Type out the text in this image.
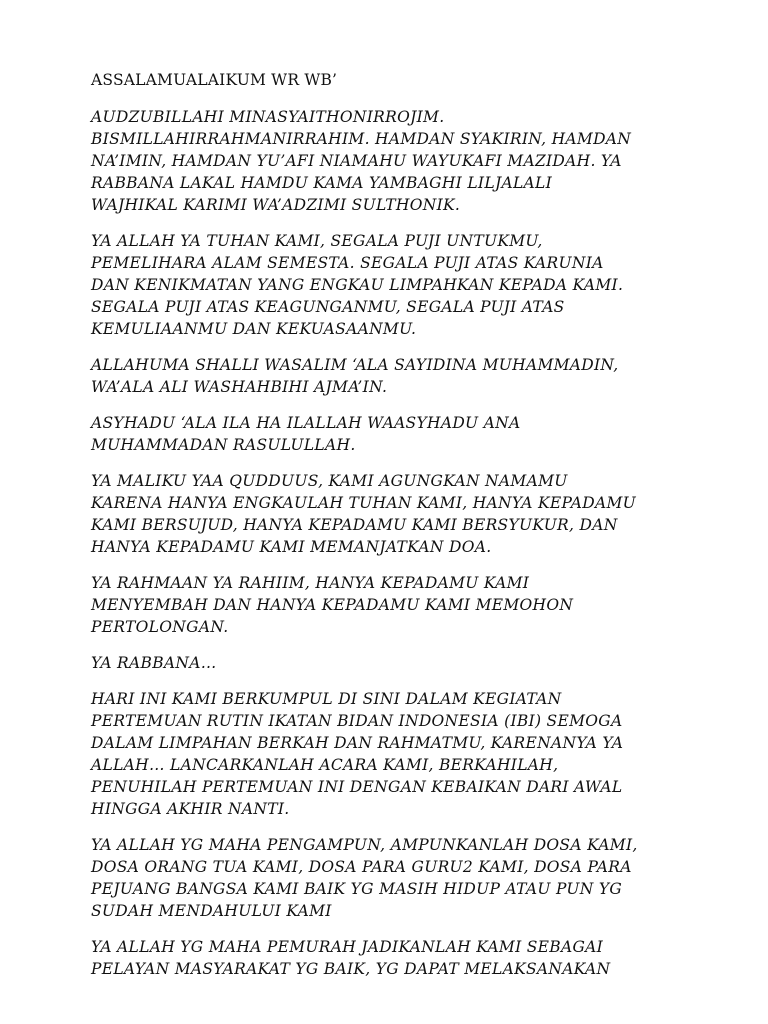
ASSALAMUALAIKUM WR WB’

AUDZUBILLAHI MINASYAITHONIRROJIM.
BISMILLAHIRRAHMANIRRAHIM. HAMDAN SYAKIRIN, HAMDAN
NA’IMIN, HAMDAN YU’AFI NIAMAHU WAYUKAFI MAZIDAH. YA
RABBANA LAKAL HAMDU KAMA YAMBAGHI LILJALALI
WAJHIKAL KARIMI WA’ADZIMI SULTHONIK.

YA ALLAH YA TUHAN KAMI, SEGALA PUJI UNTUKMU,
PEMELIHARA ALAM SEMESTA. SEGALA PUJI ATAS KARUNIA
DAN KENIKMATAN YANG ENGKAU LIMPAHKAN KEPADA KAMI.
SEGALA PUJI ATAS KEAGUNGANMU, SEGALA PUJI ATAS
KEMULIAANMU DAN KEKUASAANMU.

ALLAHUMA SHALLI WASALIM ‘ALA SAYIDINA MUHAMMADIN,
WA’ALA ALI WASHAHBIHI AJMA’IN.

ASYHADU ‘ALA ILA HA ILALLAH WAASYHADU ANA
MUHAMMADAN RASULULLAH.

YA MALIKU YAA QUDDUUS, KAMI AGUNGKAN NAMAMU
KARENA HANYA ENGKAULAH TUHAN KAMI, HANYA KEPADAMU
KAMI BERSUJUD, HANYA KEPADAMU KAMI BERSYUKUR, DAN
HANYA KEPADAMU KAMI MEMANJATKAN DOA.

YA RAHMAAN YA RAHIIM, HANYA KEPADAMU KAMI
MENYEMBAH DAN HANYA KEPADAMU KAMI MEMOHON
PERTOLONGAN.

YA RABBANA…

HARI INI KAMI BERKUMPUL DI SINI DALAM KEGIATAN
PERTEMUAN RUTIN IKATAN BIDAN INDONESIA (IBI) SEMOGA
DALAM LIMPAHAN BERKAH DAN RAHMATMU, KARENANYA YA
ALLAH… LANCARKANLAH ACARA KAMI, BERKAHILAH,
PENUHILAH PERTEMUAN INI DENGAN KEBAIKAN DARI AWAL
HINGGA AKHIR NANTI.

YA ALLAH YG MAHA PENGAMPUN, AMPUNKANLAH DOSA KAMI,
DOSA ORANG TUA KAMI, DOSA PARA GURU2 KAMI, DOSA PARA
PEJUANG BANGSA KAMI BAIK YG MASIH HIDUP ATAU PUN YG
SUDAH MENDAHULUI KAMI

YA ALLAH YG MAHA PEMURAH JADIKANLAH KAMI SEBAGAI
PELAYAN MASYARAKAT YG BAIK, YG DAPAT MELAKSANAKAN
